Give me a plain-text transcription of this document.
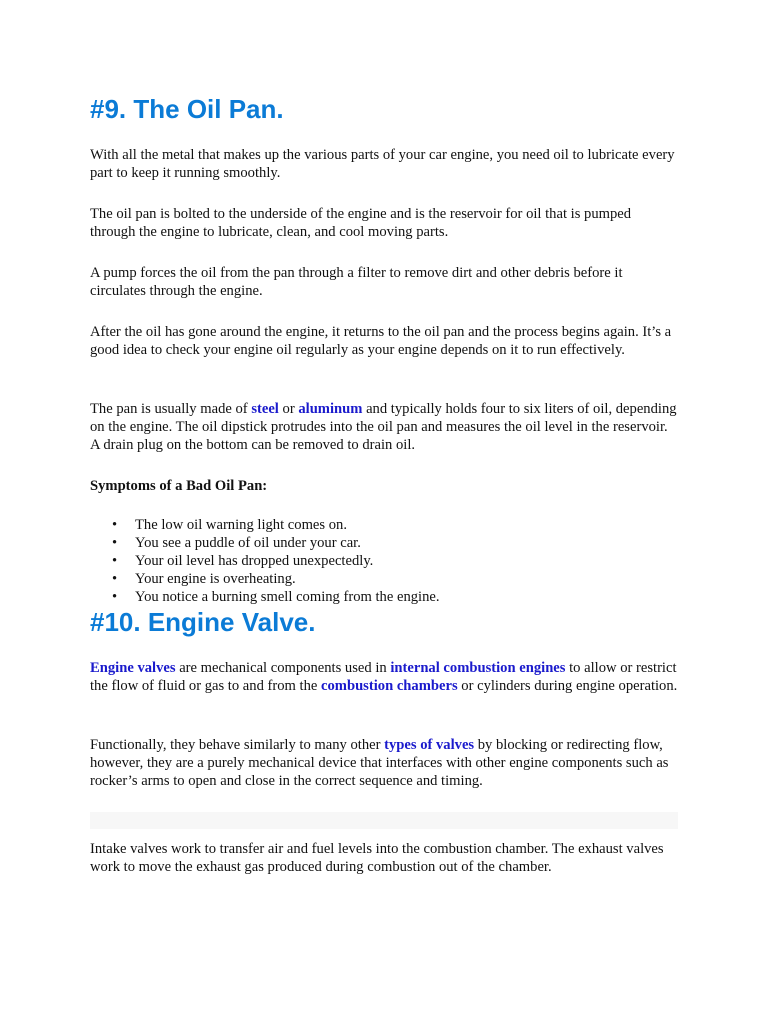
#9. The Oil Pan.

With all the metal that makes up the various parts of your car engine, you need oil to lubricate every part to keep it running smoothly.

The oil pan is bolted to the underside of the engine and is the reservoir for oil that is pumped through the engine to lubricate, clean, and cool moving parts.

A pump forces the oil from the pan through a filter to remove dirt and other debris before it circulates through the engine.

After the oil has gone around the engine, it returns to the oil pan and the process begins again. It’s a good idea to check your engine oil regularly as your engine depends on it to run effectively.

The pan is usually made of steel or aluminum and typically holds four to six liters of oil, depending on the engine. The oil dipstick protrudes into the oil pan and measures the oil level in the reservoir. A drain plug on the bottom can be removed to drain oil.

Symptoms of a Bad Oil Pan:

• The low oil warning light comes on.
• You see a puddle of oil under your car.
• Your oil level has dropped unexpectedly.
• Your engine is overheating.
• You notice a burning smell coming from the engine.
#10. Engine Valve.

Engine valves are mechanical components used in internal combustion engines to allow or restrict the flow of fluid or gas to and from the combustion chambers or cylinders during engine operation.

Functionally, they behave similarly to many other types of valves by blocking or redirecting flow, however, they are a purely mechanical device that interfaces with other engine components such as rocker’s arms to open and close in the correct sequence and timing.

Intake valves work to transfer air and fuel levels into the combustion chamber. The exhaust valves work to move the exhaust gas produced during combustion out of the chamber.
